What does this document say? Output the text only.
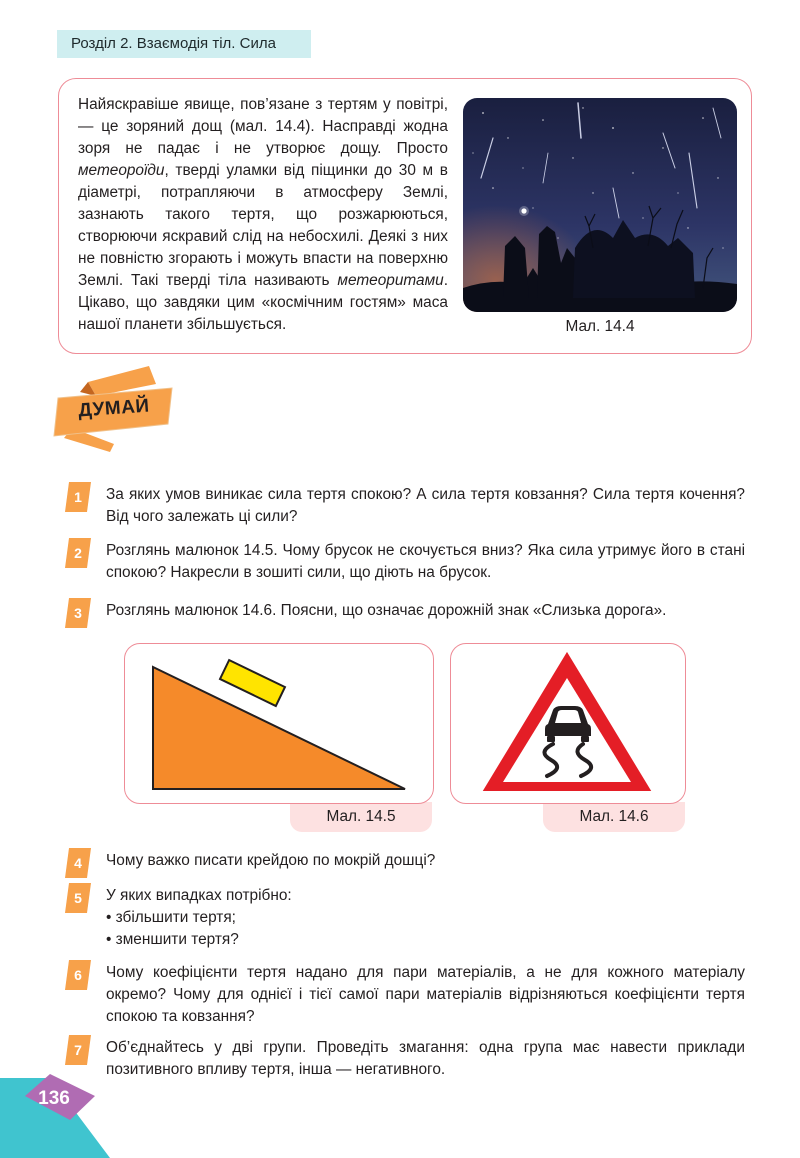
Розділ 2. Взаємодія тіл. Сила
Найяскравіше явище, пов’язане з тертям у повітрі, — це зоряний дощ (мал. 14.4). Насправді жодна зоря не падає і не утворює дощу. Просто метеороїди, тверді уламки від піщинки до 30 м в діаметрі, потрапляючи в атмосферу Землі, зазнають такого тертя, що розжарюються, створюючи яскравий слід на небосхилі. Деякі з них не повністю згорають і можуть впасти на поверхню Землі. Такі тверді тіла називають метеоритами. Цікаво, що завдяки цим «космічним гостям» маса нашої планети збільшується.	Мал. 14.4
ДУМАЙ
1	За яких умов виникає сила тертя спокою? А сила тертя ковзання? Сила тертя кочення? Від чого залежать ці сили?
2	Розглянь малюнок 14.5. Чому брусок не скочується вниз? Яка сила утримує його в стані спокою? Накресли в зошиті сили, що діють на брусок.
3	Розглянь малюнок 14.6. Поясни, що означає дорожній знак «Слизька дорога».
Мал. 14.5	Мал. 14.6
4	Чому важко писати крейдою по мокрій дошці?
5	У яких випадках потрібно:
• збільшити тертя;
• зменшити тертя?
6	Чому коефіцієнти тертя надано для пари матеріалів, а не для кожного матеріалу окремо? Чому для однієї і тієї самої пари матеріалів відрізняються коефіцієнти тертя спокою та ковзання?
7	Об’єднайтесь у дві групи. Проведіть змагання: одна група має навести приклади позитивного впливу тертя, інша — негативного.
136
